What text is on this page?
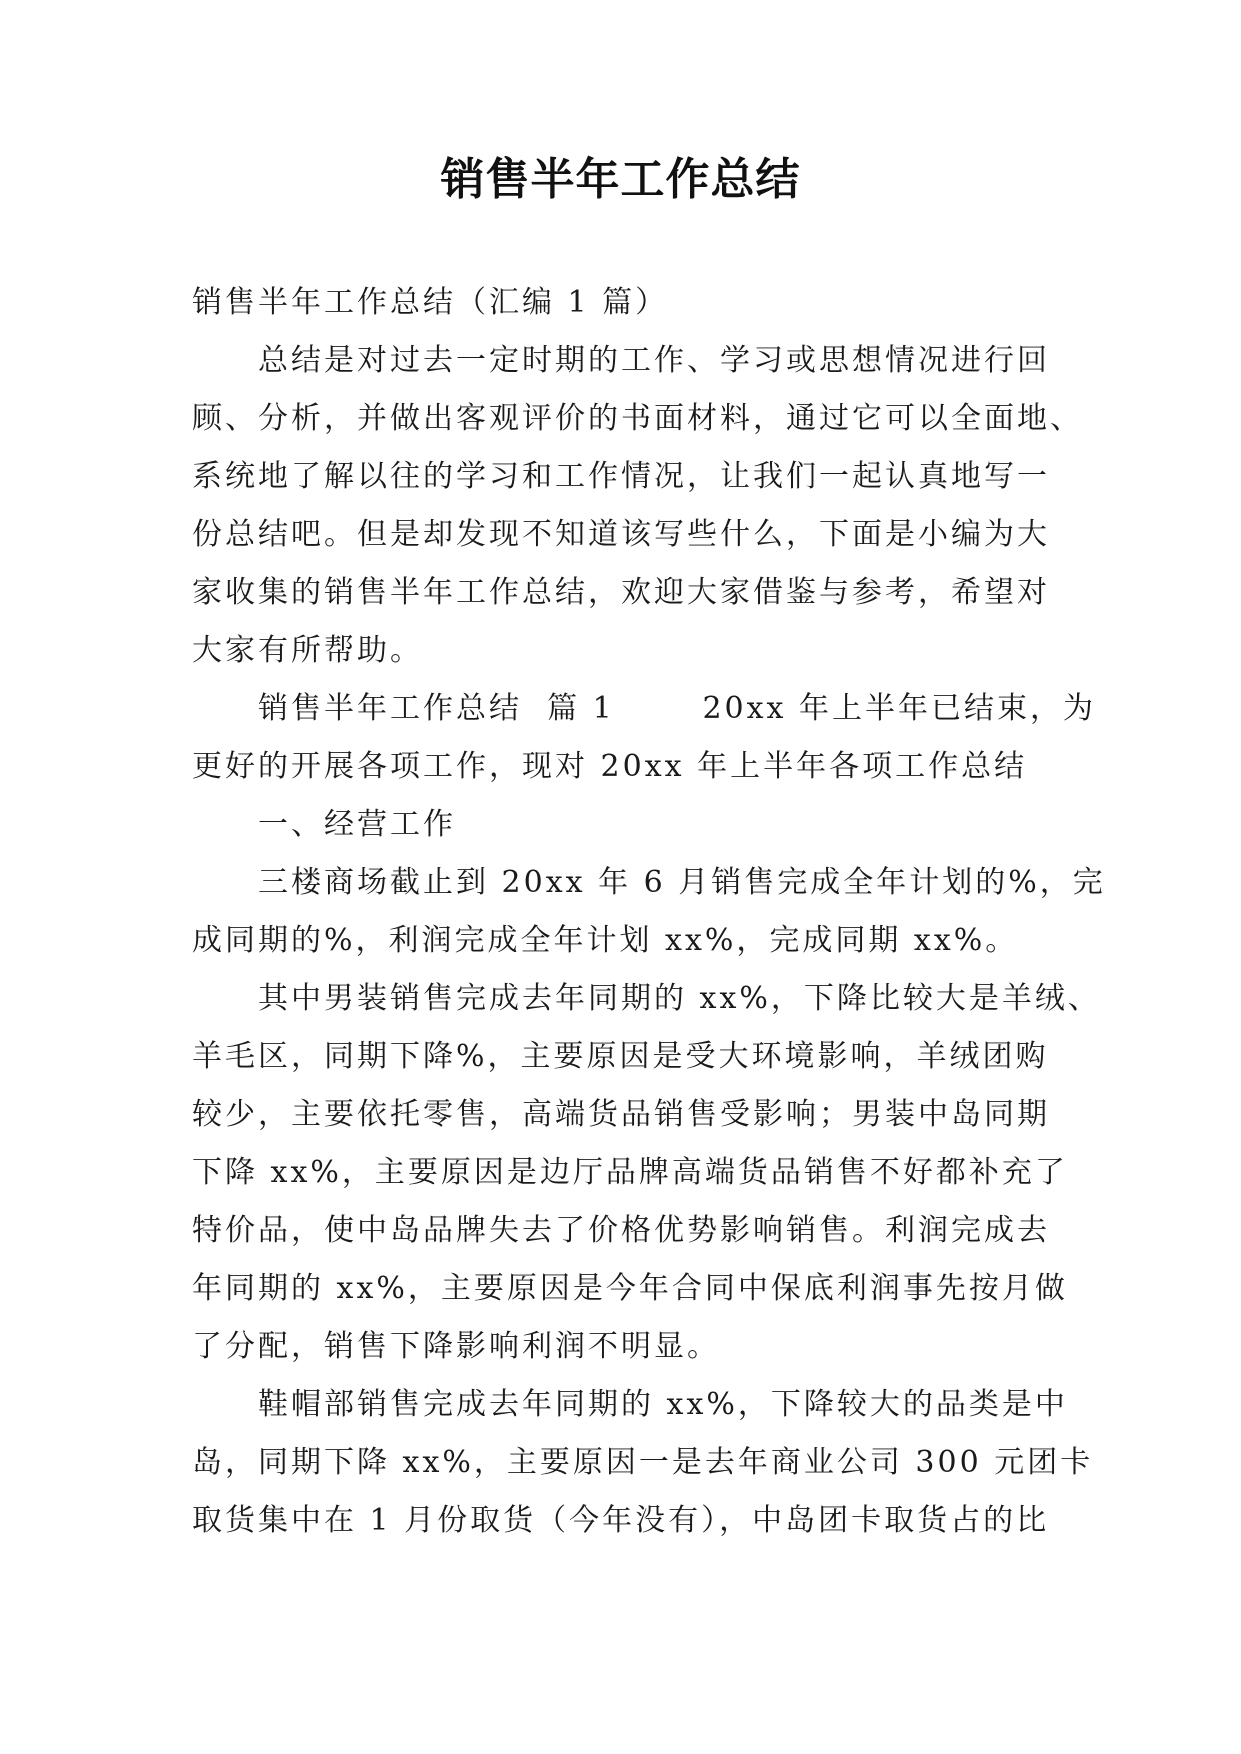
销售半年工作总结
销售半年工作总结（汇编 1 篇）
总结是对过去一定时期的工作、学习或思想情况进行回
顾、分析，并做出客观评价的书面材料，通过它可以全面地、
系统地了解以往的学习和工作情况，让我们一起认真地写一
份总结吧。但是却发现不知道该写些什么，下面是小编为大
家收集的销售半年工作总结，欢迎大家借鉴与参考，希望对
大家有所帮助。
销售半年工作总结  篇 1       20xx 年上半年已结束，为
更好的开展各项工作，现对 20xx 年上半年各项工作总结
一、经营工作
三楼商场截止到 20xx 年 6 月销售完成全年计划的%，完
成同期的%，利润完成全年计划 xx%，完成同期 xx%。
其中男装销售完成去年同期的 xx%，下降比较大是羊绒、
羊毛区，同期下降%，主要原因是受大环境影响，羊绒团购
较少，主要依托零售，高端货品销售受影响；男装中岛同期
下降 xx%，主要原因是边厅品牌高端货品销售不好都补充了
特价品，使中岛品牌失去了价格优势影响销售。利润完成去
年同期的 xx%，主要原因是今年合同中保底利润事先按月做
了分配，销售下降影响利润不明显。
鞋帽部销售完成去年同期的 xx%，下降较大的品类是中
岛，同期下降 xx%，主要原因一是去年商业公司 300 元团卡
取货集中在 1 月份取货（今年没有），中岛团卡取货占的比
